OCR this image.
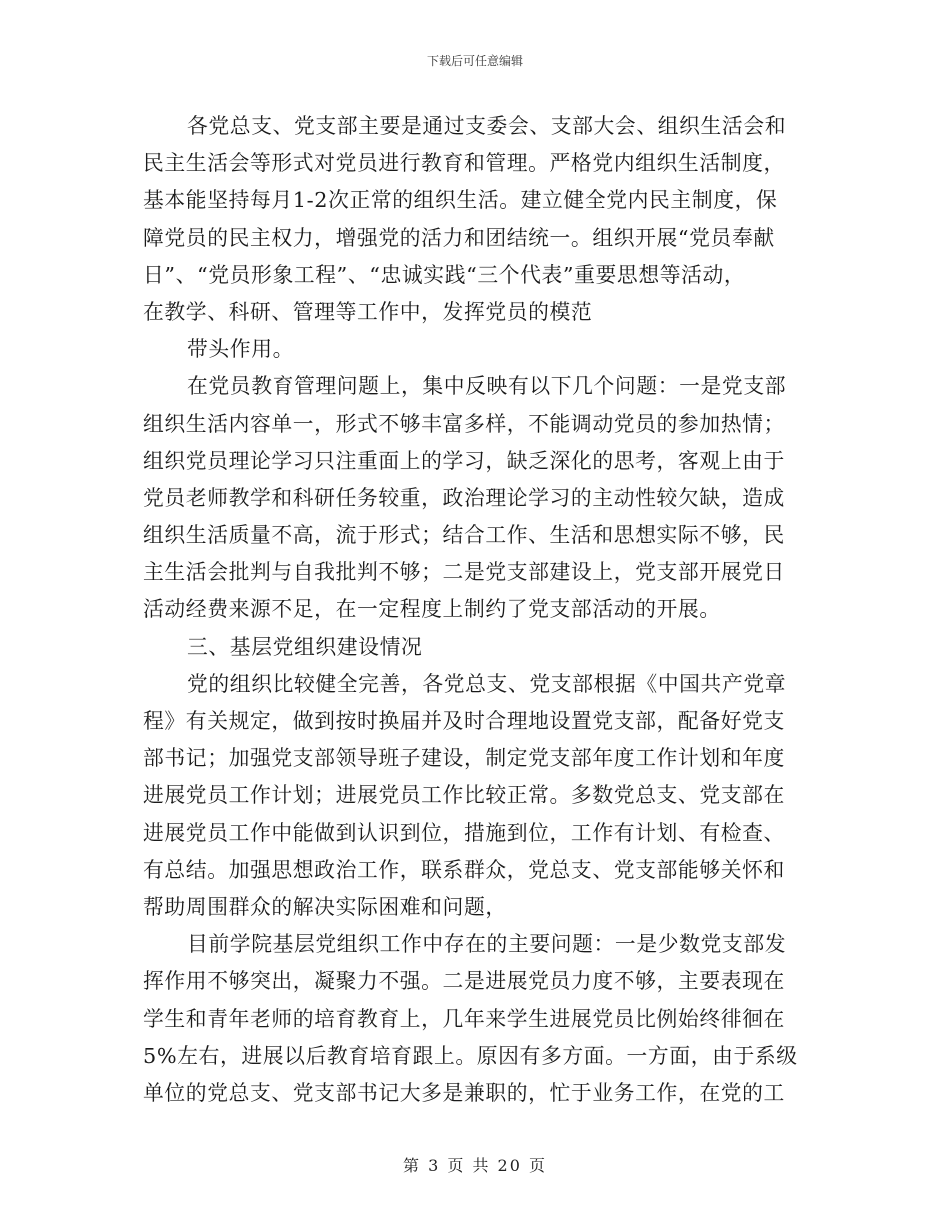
下载后可任意编辑
各党总支、党支部主要是通过支委会、支部大会、组织生活会和
民主生活会等形式对党员进行教育和管理。严格党内组织生活制度，
基本能坚持每月1-2次正常的组织生活。建立健全党内民主制度，保
障党员的民主权力，增强党的活力和团结统一。组织开展“党员奉献
日”、“党员形象工程”、“忠诚实践“三个代表”重要思想等活动，
在教学、科研、管理等工作中，发挥党员的模范
带头作用。
在党员教育管理问题上，集中反映有以下几个问题：一是党支部
组织生活内容单一，形式不够丰富多样，不能调动党员的参加热情；
组织党员理论学习只注重面上的学习，缺乏深化的思考，客观上由于
党员老师教学和科研任务较重，政治理论学习的主动性较欠缺，造成
组织生活质量不高，流于形式；结合工作、生活和思想实际不够，民
主生活会批判与自我批判不够；二是党支部建设上，党支部开展党日
活动经费来源不足，在一定程度上制约了党支部活动的开展。
三、基层党组织建设情况
党的组织比较健全完善，各党总支、党支部根据《中国共产党章
程》有关规定，做到按时换届并及时合理地设置党支部，配备好党支
部书记；加强党支部领导班子建设，制定党支部年度工作计划和年度
进展党员工作计划；进展党员工作比较正常。多数党总支、党支部在
进展党员工作中能做到认识到位，措施到位，工作有计划、有检查、
有总结。加强思想政治工作，联系群众，党总支、党支部能够关怀和
帮助周围群众的解决实际困难和问题，
目前学院基层党组织工作中存在的主要问题：一是少数党支部发
挥作用不够突出，凝聚力不强。二是进展党员力度不够，主要表现在
学生和青年老师的培育教育上，几年来学生进展党员比例始终徘徊在
5%左右，进展以后教育培育跟上。原因有多方面。一方面，由于系级
单位的党总支、党支部书记大多是兼职的，忙于业务工作，在党的工
第 3 页 共 20 页
